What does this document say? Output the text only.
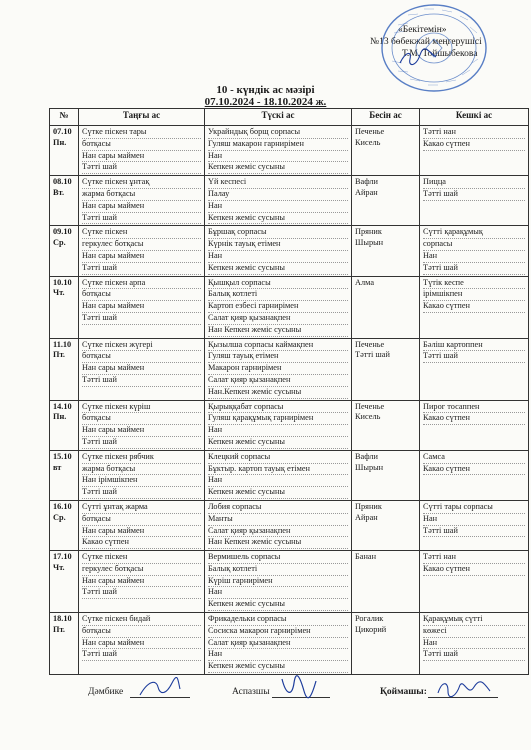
«Бекітемін»
№13 бөбекжай меңгерушісі
Т.М. Тойшыбекова
10 - күндік ас мәзірі
07.10.2024 - 18.10.2024 ж.
№	Таңғы ас	Түскі ас	Бесін ас	Кешкі ас

07.10
Пн.	Сүтке піскен тары
ботқасы
Нан сары маймен
Тәтті шай	Украйндық борщ сорпасы
Гуляш макарон гарнирімен
Нан
Кепкен жеміс сусыны	Печенье
Кисель	Тәтті нан
Какао сүтпен

08.10
Вт.	Сүтке піскен ұнтақ
жарма ботқасы
Нан сары маймен
Тәтті шай	Үй кеспесі
Палау
Нан
Кепкен жеміс сусыны	Вафли
Айран	Пицца
Тәтті шай

09.10
Ср.	Сүтке піскен
геркулес ботқасы
Нан сары маймен
Тәтті шай	Бұршақ сорпасы
Күрнік тауық етімен
Нан
Кепкен жеміс сусыны	Пряник
Шырын	Сүтті қарақұмық
сорпасы
Нан
Тәтті шай

10.10
Чт.	Сүтке піскен арпа
ботқасы
Нан сары маймен
Тәтті шай	Қышқыл сорпасы
Балық котлеті
Картоп езбесі гарнирімен
Салат қияр қызанақпен
Нан Кепкен жеміс сусыны	Алма	Түтік кеспе
ірімшікпен
Какао сүтпен

11.10
Пт.	Сүтке піскен жүгері
ботқасы
Нан сары маймен
Тәтті шай	Қызылша сорпасы каймақпен
Гуляш тауық етімен
Макарон гарнирімен
Салат қияр қызанақпен
Нан.Кепкен жеміс сусыны	Печенье
Тәтті шай	Бәліш картоппен
Тәтті шай

14.10
Пн.	Сүтке піскен күріш
ботқасы
Нан сары маймен
Тәтті шай	Қырыққабат сорпасы
Гуляш қарақұмық гарнирімен
Нан
Кепкен жеміс сусыны	Печенье
Кисель	Пирог тосаппен
Какао сүтпен

15.10
вт	Сүтке піскен рябчик
жарма ботқасы
Нан ірімшікпен
Тәтті шай	Клецкий сорпасы
Бұктыр. картоп тауық етімен
Нан
Кепкен жеміс сусыны	Вафли
Шырын	Самса
Какао сүтпен

16.10
Ср.	Сүтті ұнтақ жарма
ботқасы
Нан сары маймен
Какао сүтпен	Лобия сорпасы
Манты
Салат қияр қызанақпен
Нан Кепкен жеміс сусыны	Пряник
Айран	Сүтті тары сорпасы
Нан
Тәтті шай

17.10
Чт.	Сүтке піскен
геркулес ботқасы
Нан сары маймен
Тәтті шай	Вермишель сорпасы
Балық котлеті
Күріш гарнирімен
Нан
Кепкен жеміс сусыны	Банан	Тәтті нан
Какао сүтпен

18.10
Пт.	Сүтке піскен бидай
ботқасы
Нан сары маймен
Тәтті шай	Фрикадельки сорпасы
Сосиска макарон гарнирімен
Салат қияр қызанақпен
Нан
Кепкен жеміс сусыны	Рогалик
Цикорий	Қарақұмық сүтті
көжесі
Нан
Тәтті шай
Дәмбике	Аспазшы	Қоймашы:
